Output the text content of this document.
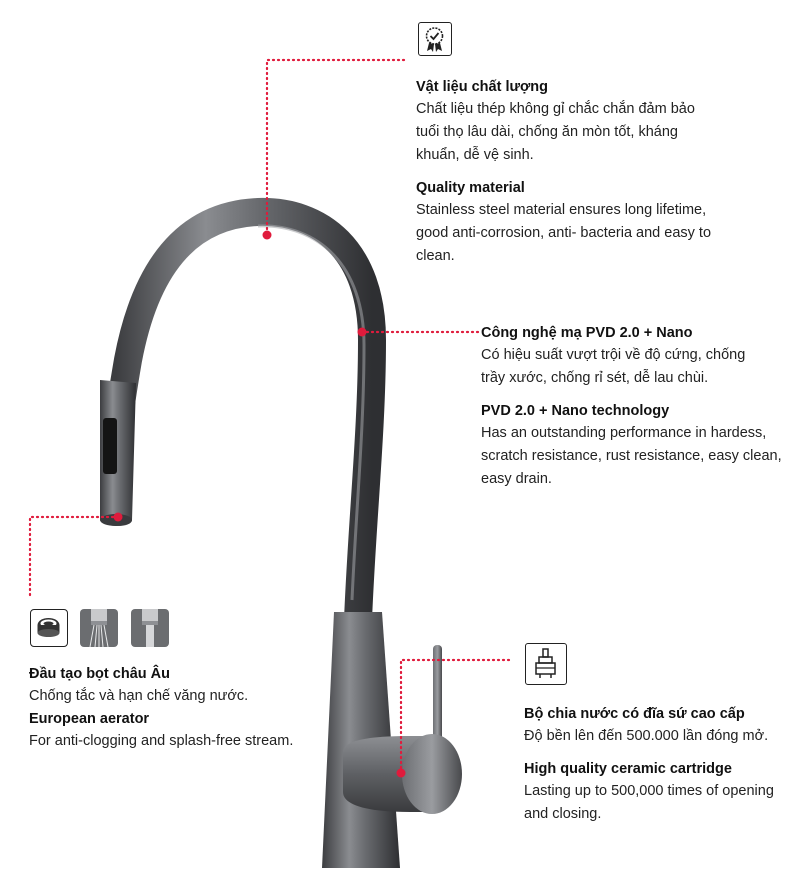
Vật liệu chất lượng
Chất liệu thép không gỉ chắc chắn đảm bảo tuổi thọ lâu dài, chống ăn mòn tốt, kháng khuẩn, dễ vệ sinh.
Quality material
Stainless steel material ensures long lifetime, good anti-corrosion, anti- bacteria and easy to clean.
Công nghệ mạ PVD 2.0 + Nano
Có hiệu suất vượt trội về độ cứng, chống trầy xước, chống rỉ sét, dễ lau chùi.
PVD 2.0 + Nano technology
Has an outstanding performance in hardess, scratch resistance, rust resistance, easy clean, easy drain.
Đầu tạo bọt châu Âu
Chống tắc và hạn chế văng nước.
European aerator
For anti-clogging and splash-free stream.
Bộ chia nước có đĩa sứ cao cấp
Độ bền lên đến 500.000 lần đóng mở.
High quality ceramic cartridge
Lasting up to 500,000 times of opening and closing.
